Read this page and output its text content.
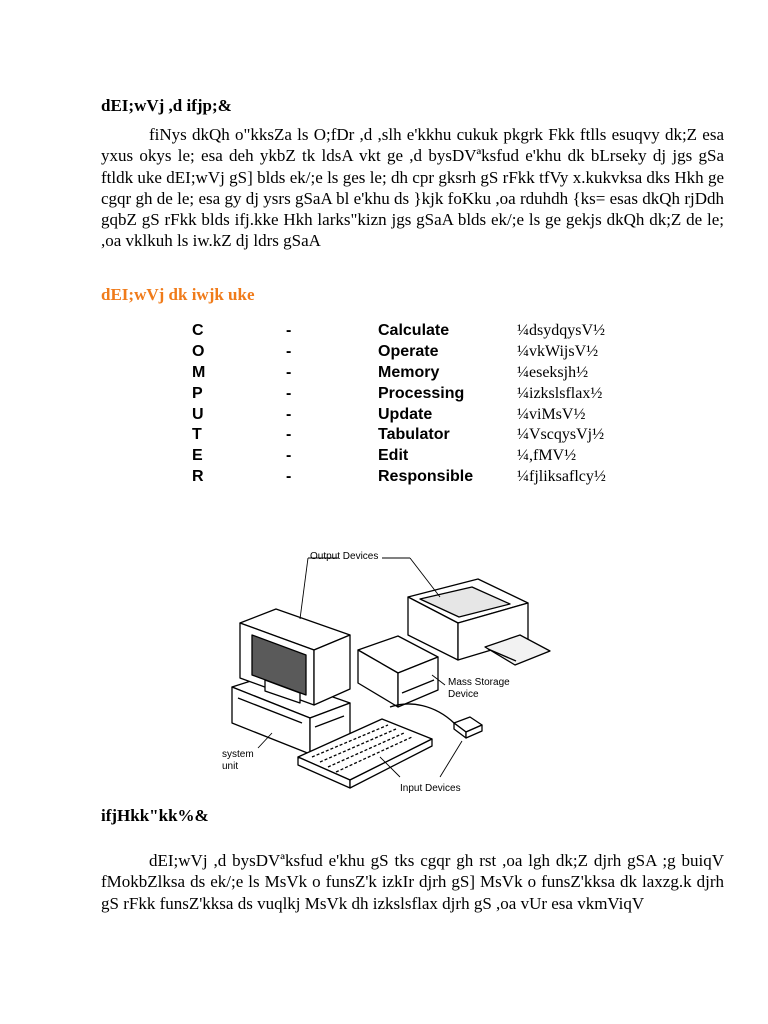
dEI;wVj ,d ifjp;&
fiNys dkQh o"kksZa ls O;fDr ,d ,slh e'kkhu cukuk pkgrk Fkk ftlls esuqvy dk;Z esa yxus okys le; esa deh ykbZ tk ldsA vkt ge ,d bysDVªksfud e'khu dk bLrseky dj jgs gSa ftldk uke dEI;wVj gS] blds ek/;e ls ges le; dh cpr gksrh gS rFkk tfVy x.kukvksa dks Hkh ge cgqr gh de le; esa gy dj ysrs gSaA bl e'khu ds }kjk foKku ,oa rduhdh {ks= esas dkQh rjDdh gqbZ gS rFkk blds ifj.kke Hkh larks"kizn jgs gSaA blds ek/;e ls ge gekjs dkQh dk;Z de le; ,oa vklkuh ls iw.kZ dj ldrs gSaA
dEI;wVj dk iwjk uke
C	-	Calculate	¼dsydqysV½
O	-	Operate	¼vkWijsV½
M	-	Memory	¼eseksjh½
P	-	Processing	¼izkslsflax½
U	-	Update	¼viMsV½
T	-	Tabulator	¼VscqysVj½
E	-	Edit	¼,fMV½
R	-	Responsible	¼fjliksaflcy½
Output Devices
Mass Storage
Device
system
unit
Input Devices
ifjHkk"kk%&
dEI;wVj ,d bysDVªksfud e'khu gS tks cgqr gh rst ,oa lgh dk;Z djrh gSA ;g buiqV fMokbZlksa ds ek/;e ls MsVk o funsZ'k izkIr djrh gS] MsVk o funsZ'kksa dk laxzg.k djrh gS rFkk funsZ'kksa ds vuqlkj MsVk dh izkslsflax djrh gS ,oa vUr esa vkmViqV
